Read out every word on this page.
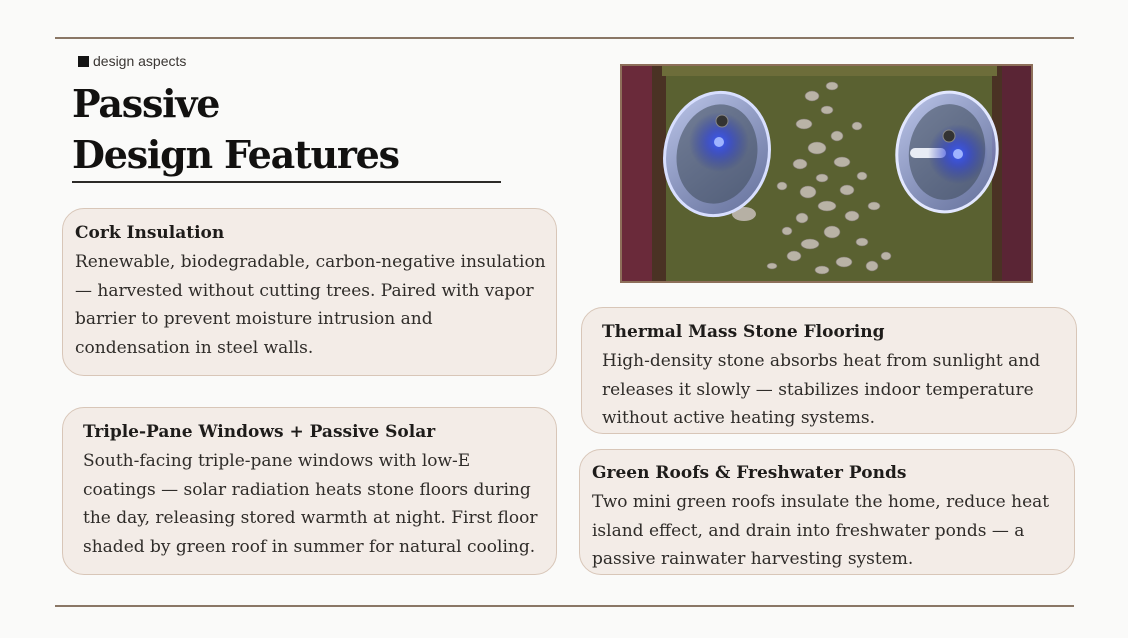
design aspects
Passive
Design Features
Cork Insulation

Renewable, biodegradable, carbon-negative insulation — harvested without cutting trees. Paired with vapor barrier to prevent moisture intrusion and condensation in steel walls.

Triple-Pane Windows + Passive Solar

South-facing triple-pane windows with low-E coatings — solar radiation heats stone floors during the day, releasing stored warmth at night. First floor shaded by green roof in summer for natural cooling.

Thermal Mass Stone Flooring

High-density stone absorbs heat from sunlight and releases it slowly — stabilizes indoor temperature without active heating systems.

Green Roofs & Freshwater Ponds

Two mini green roofs insulate the home, reduce heat island effect, and drain into freshwater ponds — a passive rainwater harvesting system.
